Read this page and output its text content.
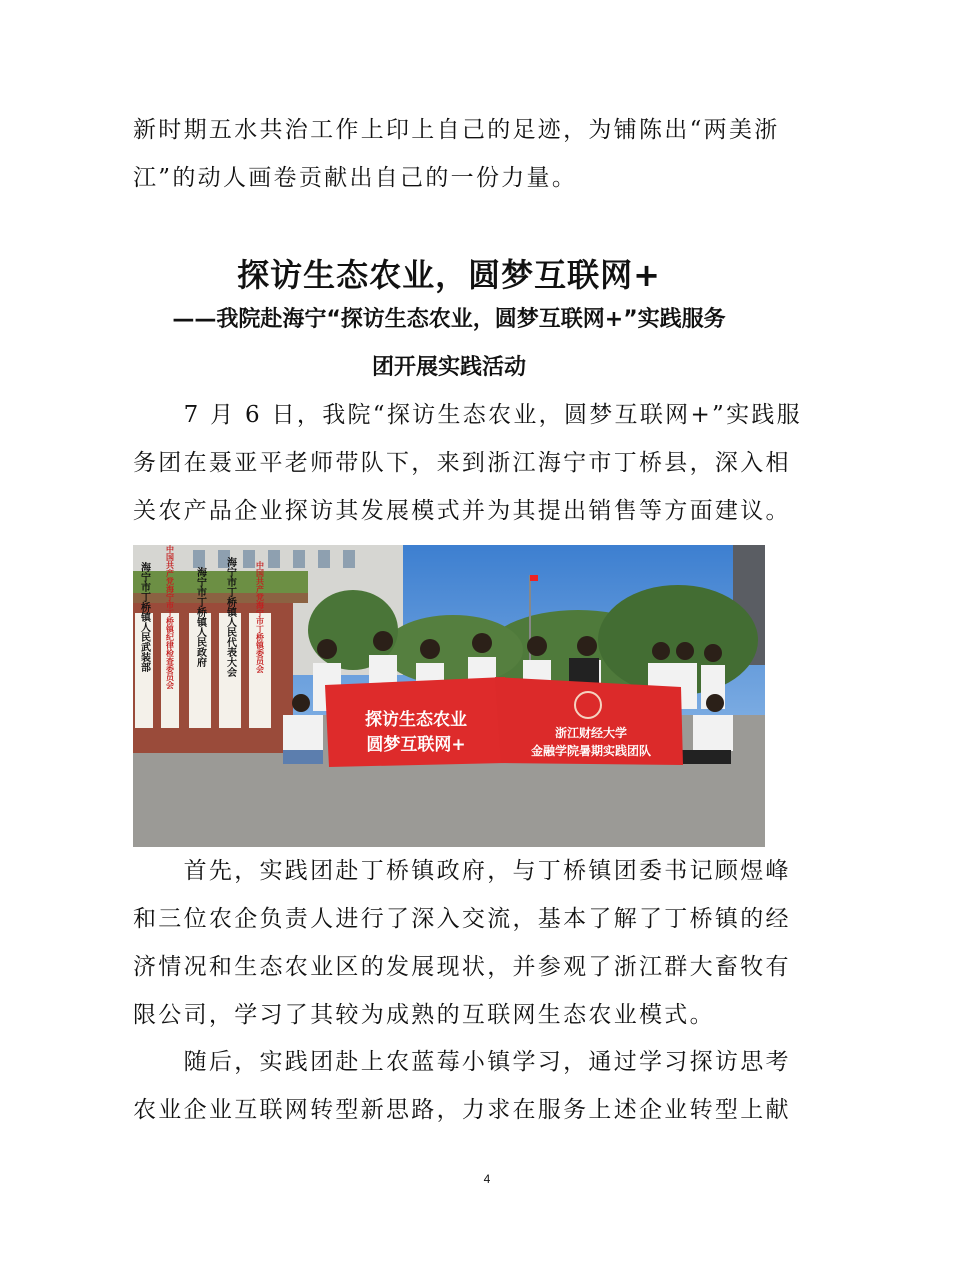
新时期五水共治工作上印上自己的足迹，为铺陈出“两美浙
江”的动人画卷贡献出自己的一份力量。

探访生态农业，圆梦互联网+
——我院赴海宁“探访生态农业，圆梦互联网+”实践服务
团开展实践活动

　　7 月 6 日，我院“探访生态农业，圆梦互联网+”实践服
务团在聂亚平老师带队下，来到浙江海宁市丁桥县，深入相
关农产品企业探访其发展模式并为其提出销售等方面建议。

海宁市丁桥镇人民武装部 中国共产党海宁市丁桥镇纪律检查委员会 海宁市丁桥镇人民政府 海宁市丁桥镇人民代表大会	中国共产党海宁市丁桥镇委员会
探访生态农业
圆梦互联网+
浙江财经大学
金融学院暑期实践团队

　　首先，实践团赴丁桥镇政府，与丁桥镇团委书记顾煜峰
和三位农企负责人进行了深入交流，基本了解了丁桥镇的经
济情况和生态农业区的发展现状，并参观了浙江群大畜牧有
限公司，学习了其较为成熟的互联网生态农业模式。

　　随后，实践团赴上农蓝莓小镇学习，通过学习探访思考
农业企业互联网转型新思路，力求在服务上述企业转型上献

4
